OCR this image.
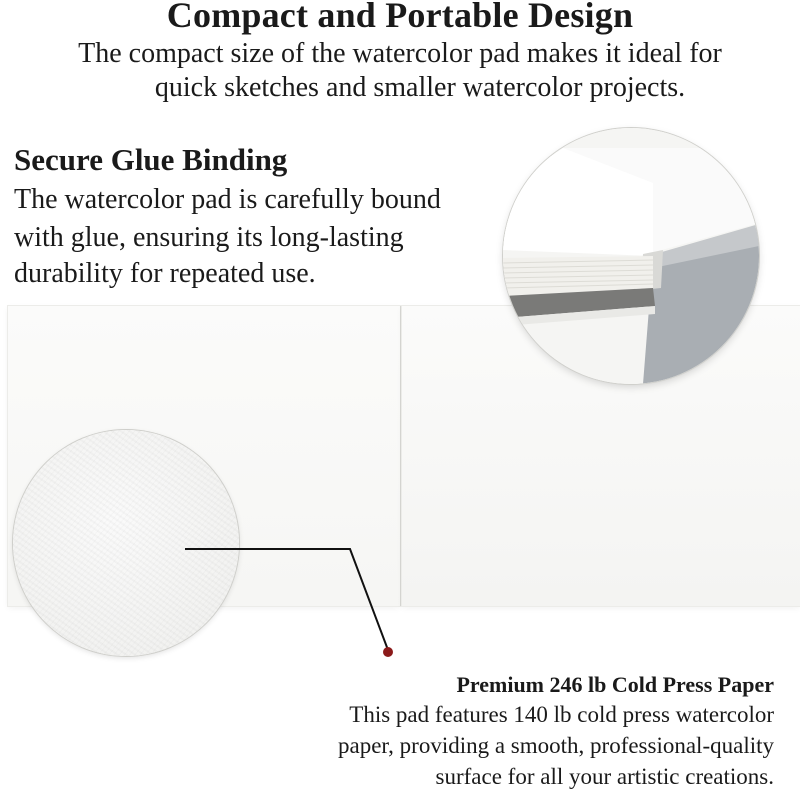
Compact and Portable Design

The compact size of the watercolor pad makes it ideal for

quick sketches and smaller watercolor projects.

Secure Glue Binding

The watercolor pad is carefully bound

with glue, ensuring its long-lasting

durability for repeated use.

Premium 246 lb Cold Press Paper

This pad features 140 lb cold press watercolor

paper, providing a smooth, professional-quality

surface for all your artistic creations.
